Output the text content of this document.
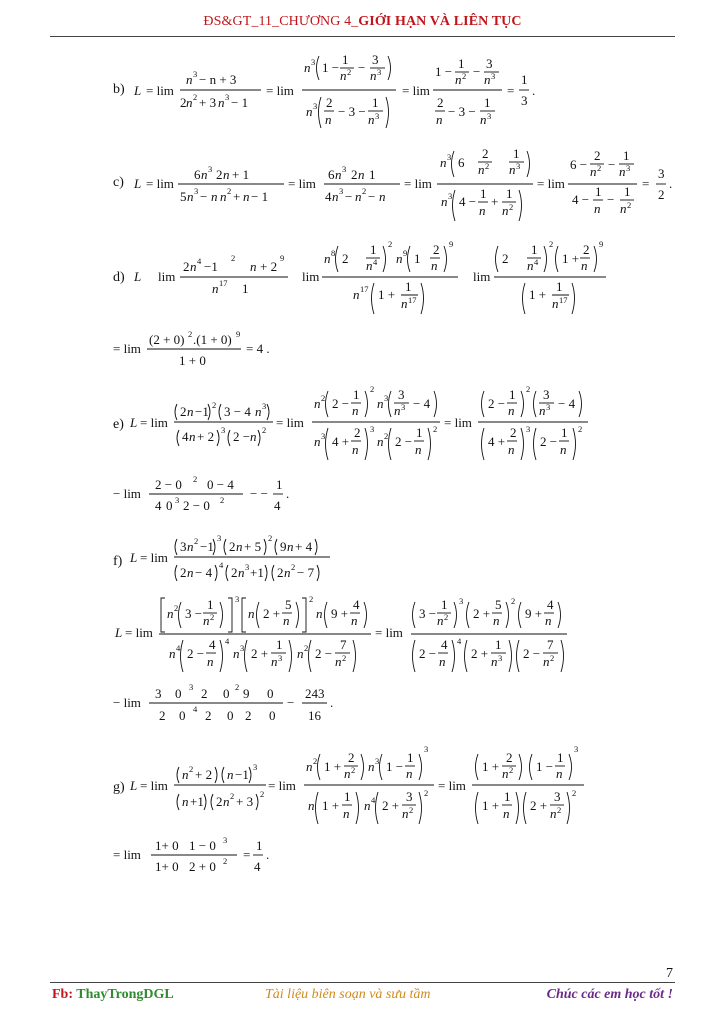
ĐS&GT_11_CHƯƠNG 4_GIỚI HẠN VÀ LIÊN TỤC
b) L = lim
n 3 − n + 3
2 n 2 + 3 n 3 − 1
= lim
n 3 1 −
1
n 2 −
3
n 3
n 3 2
n
− 3 −
1
n 3
= lim
1 −
1
n 2 −
3
n 3
2
n
− 3 −
1
n 3
=
1
3
.
c) L = lim
6 n 3 2 n + 1
5 n 3 − n n 2 + n − 1
= lim
6 n 3 2 n 1
4 n 3 − n 2 − n
= lim
n 3 6
2
n 2
1
n 3
n 3 4 −
1
n
+
1
n 2
= lim
6 −
2
n 2 −
1
n 3
4 −
1
n
−
1
n 2
=
3
2
.
d) L lim
2 n 4 −1
2
n + 2
9
n 17 1
lim
n 8 2
1
n 4
2
n 9 1
2
n
9
n 17 1 +
1
n 17
lim
2
1
n 4
2
1 +
2
n
9
1 +
1
n 17
= lim
(2 + 0) 2 .(1 + 0) 9
1 + 0
= 4 .
e) L = lim
2 n −1 2 3 − 4 n 3
4 n + 2 3 2 − n 2 = lim
n 2 2 −
1
n
2
n 3 3
n 3 − 4
n 3 4 +
2
n
3
n 2 2 −
1
n
2 = lim
2 −
1
n
2 3
n 3 − 4
4 +
2
n
3
2 −
1
n
2
− lim
2 − 0 2 0 − 4
4 0 3 2 − 0 2 − −
1
4
.
f) L = lim
3 n 2 −1
3
2 n + 5
2
9 n + 4
2 n − 4 4 2 n 3 +1 2 n 2 − 7
L = lim
n 2 3 −
1
n 2
3
n 2 +
5
n
2
n 9 +
4
n
n 4 2 −
4
n
4
n 3 2 +
1
n 3 n 2 2 −
7
n 2
= lim
3 −
1
n 2
3
2 +
5
n
2
9 +
4
n
2 −
4
n
4
2 +
1
n 3 2 −
7
n 2
− lim
3 0 3 2 0 2 9 0
2 0 4 2 0 2 0
−
243
16
.
g) L = lim
n 2 + 2 n −1 3
n +1 2 n 2 + 3 2
= lim
n 2 1 +
2
n 2 n 3 1 −
1
n
3
n 1 +
1
n
n 4 2 +
3
n 2
2 = lim
1 +
2
n 2 1 −
1
n
3
1 +
1
n
2 +
3
n 2
2
= lim
1+ 0 1 − 0 3
1+ 0 2 + 0 2 =
1
4
.
7
Fb: ThayTrongDGL	Tài liệu biên soạn và sưu tầm	Chúc các em học tốt !
